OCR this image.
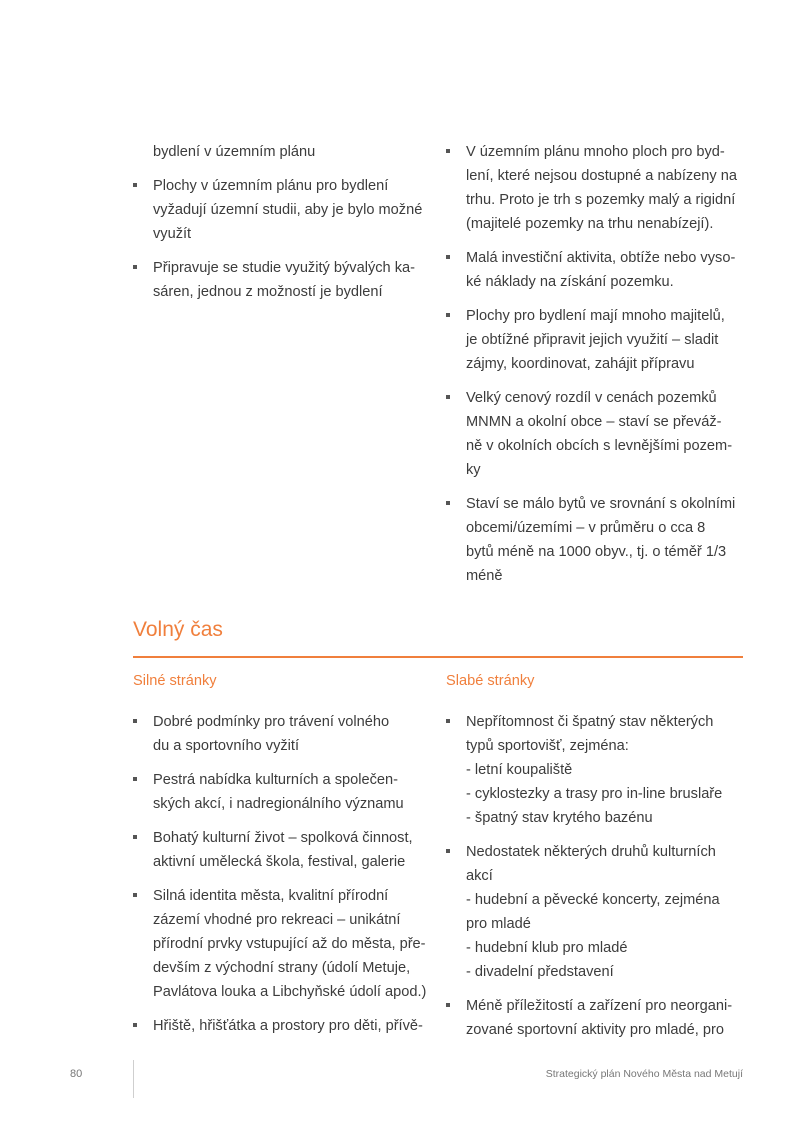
bydlení v územním plánu
Plochy v územním plánu pro bydlení
vyžadují územní studii, aby je bylo možné
využít
Připravuje se studie využitý bývalých ka-
sáren, jednou z možností je bydlení
V územním plánu mnoho ploch pro byd-
lení, které nejsou dostupné a nabízeny na
trhu. Proto je trh s pozemky malý a rigidní
(majitelé pozemky na trhu nenabízejí).
Malá investiční aktivita, obtíže nebo vyso-
ké náklady na získání pozemku.
Plochy pro bydlení mají mnoho majitelů,
je obtížné připravit jejich využití – sladit
zájmy, koordinovat, zahájit přípravu
Velký cenový rozdíl v cenách pozemků
MNMN a okolní obce – staví se převáž-
ně v okolních obcích s levnějšími pozem-
ky
Staví se málo bytů ve srovnání s okolními
obcemi/územími – v průměru o cca 8
bytů méně na 1000 obyv., tj. o téměř 1/3
méně
Volný čas
Silné stránky	Slabé stránky
Dobré podmínky pro trávení volného
du a sportovního vyžití
Pestrá nabídka kulturních a společen-
ských akcí, i nadregionálního významu
Bohatý kulturní život – spolková činnost,
aktivní umělecká škola, festival, galerie
Silná identita města, kvalitní přírodní
zázemí vhodné pro rekreaci – unikátní
přírodní prvky vstupující až do města, pře-
devším z východní strany (údolí Metuje,
Pavlátova louka a Libchyňské údolí apod.)
Hřiště, hřišťátka a prostory pro děti, přívě-
Nepřítomnost či špatný stav některých
typů sportovišť, zejména:
- letní koupaliště
- cyklostezky a trasy pro in-line bruslaře
- špatný stav krytého bazénu
Nedostatek některých druhů kulturních
akcí
- hudební a pěvecké koncerty, zejména
pro mladé
- hudební klub pro mladé
- divadelní představení
Méně příležitostí a zařízení pro neorgani-
zované sportovní aktivity pro mladé, pro
80	Strategický plán Nového Města nad Metují
